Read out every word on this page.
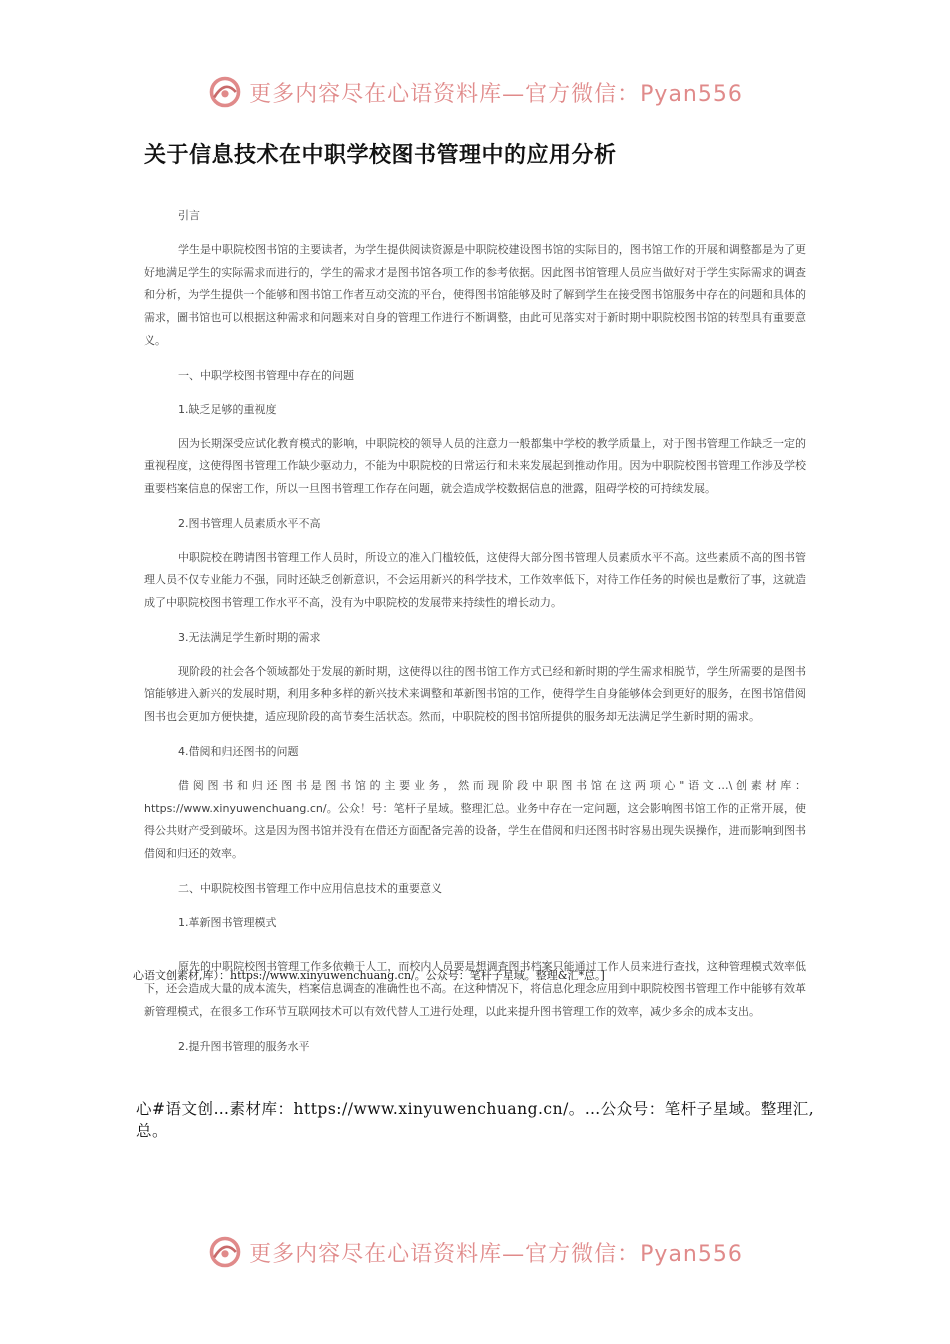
更多内容尽在心语资料库—官方微信：Pyan556
关于信息技术在中职学校图书管理中的应用分析

引言

学生是中职院校图书馆的主要读者，为学生提供阅读资源是中职院校建设图书馆的实际目的，图书馆工作的开展和调整都是为了更好地满足学生的实际需求而进行的，学生的需求才是图书馆各项工作的参考依据。因此图书馆管理人员应当做好对于学生实际需求的调查和分析，为学生提供一个能够和图书馆工作者互动交流的平台，使得图书馆能够及时了解到学生在接受图书馆服务中存在的问题和具体的需求，圖书馆也可以根据这种需求和问题来对自身的管理工作进行不断调整，由此可见落实对于新时期中职院校图书馆的转型具有重要意义。

一、中职学校图书管理中存在的问题

1.缺乏足够的重视度

因为长期深受应试化教育模式的影响，中职院校的领导人员的注意力一般都集中学校的教学质量上，对于图书管理工作缺乏一定的重视程度，这使得图书管理工作缺少驱动力，不能为中职院校的日常运行和未来发展起到推动作用。因为中职院校图书管理工作涉及学校重要档案信息的保密工作，所以一旦图书管理工作存在问题，就会造成学校数据信息的泄露，阻碍学校的可持续发展。

2.图书管理人员素质水平不高

中职院校在聘请图书管理工作人员时，所设立的准入门槛较低，这使得大部分图书管理人员素质水平不高。这些素质不高的图书管理人员不仅专业能力不强，同时还缺乏创新意识，不会运用新兴的科学技术，工作效率低下，对待工作任务的时候也是敷衍了事，这就造成了中职院校图书管理工作水平不高，没有为中职院校的发展带来持续性的增长动力。

3.无法满足学生新时期的需求

现阶段的社会各个领域都处于发展的新时期，这使得以往的图书馆工作方式已经和新时期的学生需求相脱节，学生所需要的是图书馆能够进入新兴的发展时期，利用多种多样的新兴技术来调整和革新图书馆的工作，使得学生自身能够体会到更好的服务，在图书馆借阅图书也会更加方便快捷，适应现阶段的高节奏生活状态。然而，中职院校的图书馆所提供的服务却无法满足学生新时期的需求。

4.借阅和归还图书的问题

借阅图书和归还图书是图书馆的主要业务，然而现阶段中职图书馆在这两项心"语文…\创素材库：https://www.xinyuwenchuang.cn/。公众！号：笔杆子星域。整理汇总。业务中存在一定问题，这会影响图书馆工作的正常开展，使得公共财产受到破坏。这是因为图书馆并没有在借还方面配备完善的设备，学生在借阅和归还图书时容易出现失误操作，进而影响到图书借阅和归还的效率。

二、中职院校图书管理工作中应用信息技术的重要意义

1.革新图书管理模式

原先的中职院校图书管理工作多依赖于人工，而校内人员要是想调查图书档案只能通过工作人员来进行查找，这种管理模式效率低下，还会造成大量的成本流失，档案信息调查的准确性也不高。在这种情况下，将信息化理念应用到中职院校图书管理工作中能够有效革新管理模式，在很多工作环节互联网技术可以有效代替人工进行处理，以此来提升图书管理工作的效率，减少多余的成本支出。

2.提升图书管理的服务水平

心语文创素材,库）：https://www.xinyuwenchuang.cn/。公众号：笔杆子星域。整理&汇*总。]
心#语文创…素材库：https://www.xinyuwenchuang.cn/。…公众号：笔杆子星域。整理汇,总。
更多内容尽在心语资料库—官方微信：Pyan556
